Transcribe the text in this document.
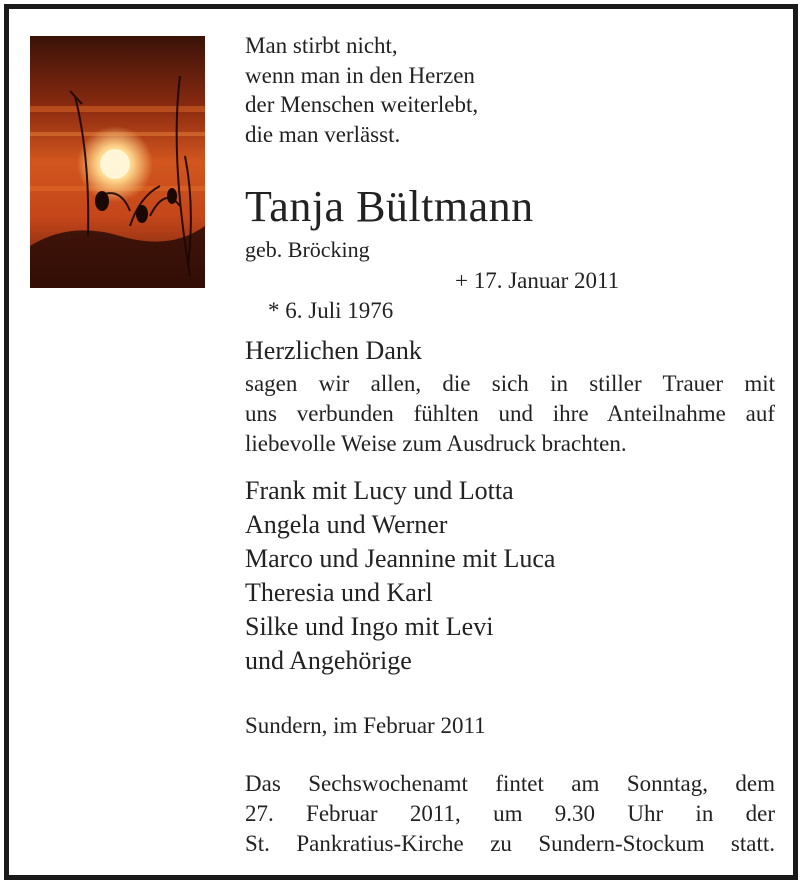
Man stirbt nicht,
wenn man in den Herzen
der Menschen weiterlebt,
die man verlässt.
Tanja Bültmann
geb. Bröcking

* 6. Juli 1976

+ 17. Januar 2011

Herzlichen Dank
sagen wir allen, die sich in stiller Trauer mit
uns verbunden fühlten und ihre Anteilnahme auf
liebevolle Weise zum Ausdruck brachten.
Frank mit Lucy und Lotta
Angela und Werner
Marco und Jeannine mit Luca
Theresia und Karl
Silke und Ingo mit Levi
und Angehörige
Sundern, im Februar 2011
Das Sechswochenamt fintet am Sonntag, dem
27. Februar 2011, um 9.30 Uhr in der
St. Pankratius-Kirche zu Sundern-Stockum statt.
